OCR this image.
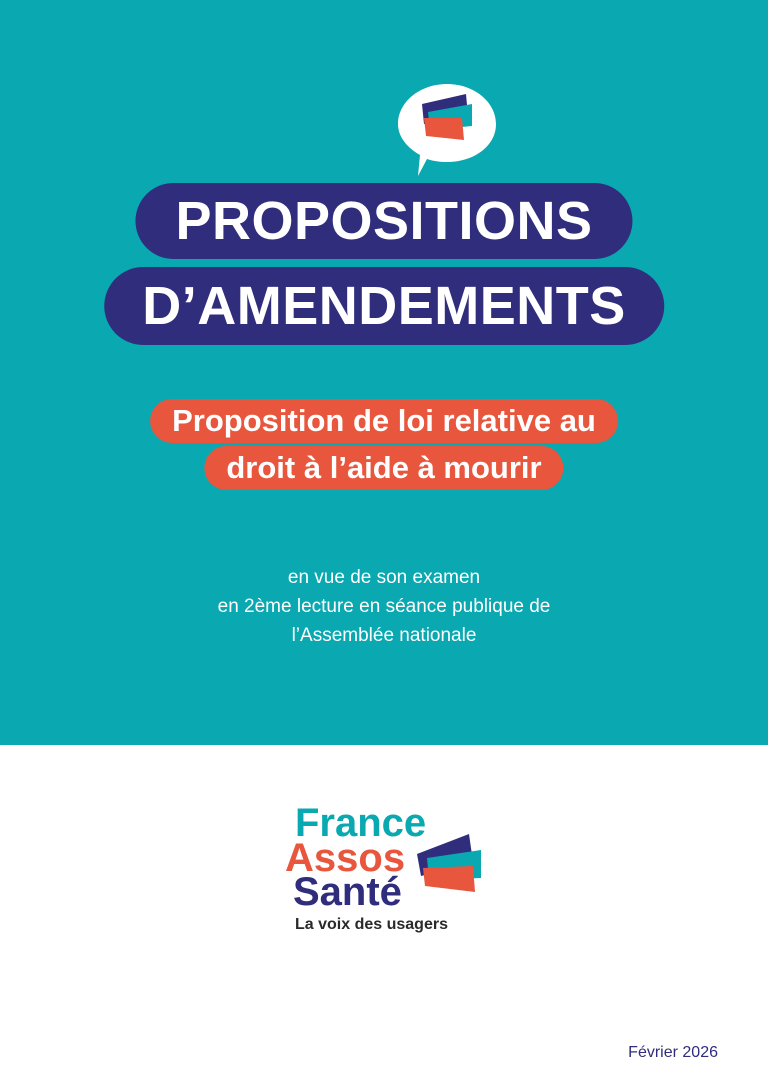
PROPOSITIONS
D’AMENDEMENTS
Proposition de loi relative au
droit à l’aide à mourir
en vue de son examen
en 2ème lecture en séance publique de
l’Assemblée nationale
France
Assos
Santé
La voix des usagers
Février 2026
